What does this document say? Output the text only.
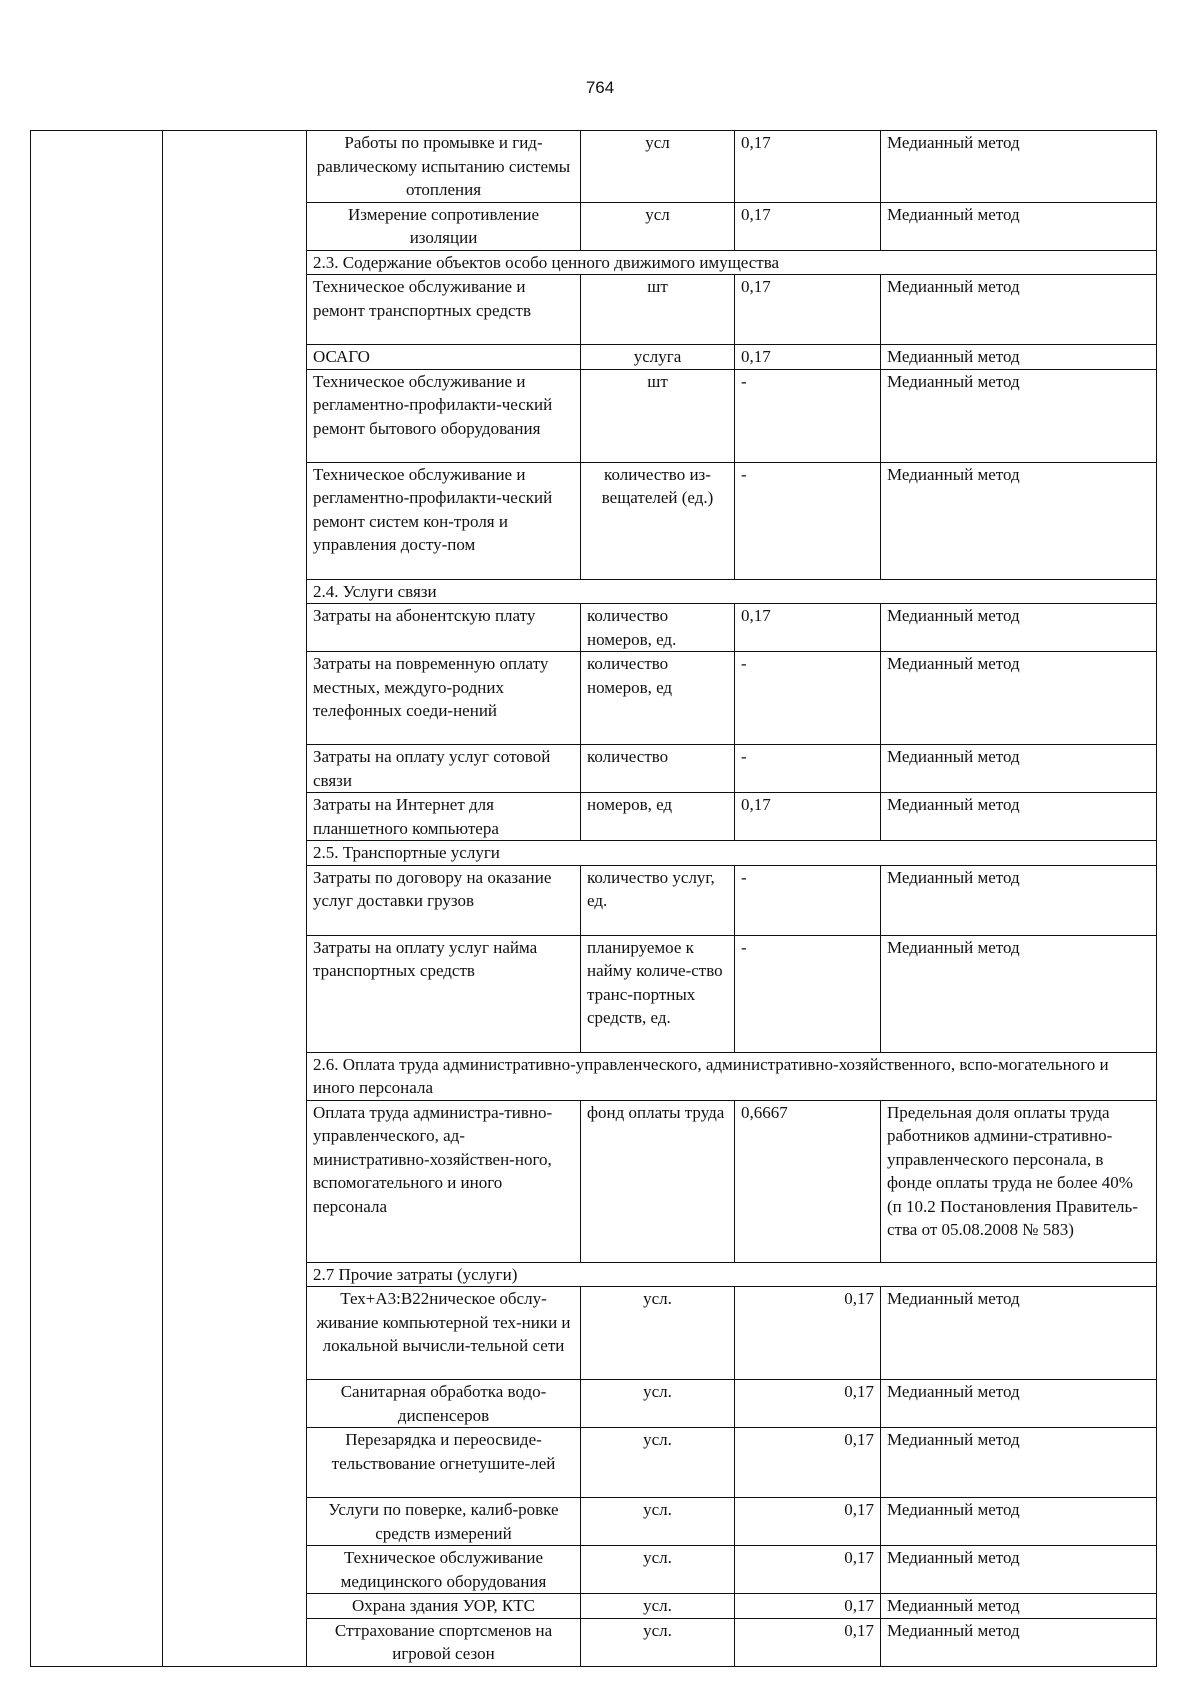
764
		Работы по промывке и гид-равлическому испытанию системы отопления	усл	0,17	Медианный метод
		Измерение сопротивление изоляции	усл	0,17	Медианный метод
		2.3. Содержание объектов особо ценного движимого имущества			
		Техническое обслуживание и ремонт транспортных средств	шт	0,17	Медианный метод
		ОСАГО	услуга	0,17	Медианный метод
		Техническое обслуживание и регламентно-профилакти-ческий ремонт бытового оборудования	шт	-	Медианный метод
		Техническое обслуживание и регламентно-профилакти-ческий ремонт систем кон-троля и управления досту-пом	количество из-вещателей (ед.)	-	Медианный метод
		2.4. Услуги связи			
		Затраты на абонентскую плату	количество номеров, ед.	0,17	Медианный метод
		Затраты на повременную оплату местных, междуго-родних телефонных соеди-нений	количество номеров, ед	-	Медианный метод
		Затраты на оплату услуг сотовой связи	количество	-	Медианный метод
		Затраты на Интернет для планшетного компьютера	номеров, ед	0,17	Медианный метод
		2.5. Транспортные услуги			
		Затраты по договору на оказание услуг доставки грузов	количество услуг, ед.	-	Медианный метод
		Затраты на оплату услуг найма транспортных средств	планируемое к найму количе-ство транс-портных средств, ед.	-	Медианный метод
		2.6. Оплата труда административно-управленческого, административно-хозяйственного, вспо-могательного и иного персонала			
		Оплата труда администра-тивно-управленческого, ад-министративно-хозяйствен-ного, вспомогательного и иного персонала	фонд оплаты труда	0,6667	Предельная доля оплаты труда работников админи-стративно-управленческого персонала, в фонде оплаты труда не более 40% (п 10.2 Постановления Правитель-ства от 05.08.2008 № 583)
		2.7 Прочие затраты (услуги)			
		Тех+А3:В22ническое обслу-живание компьютерной тех-ники и локальной вычисли-тельной сети	усл.	0,17	Медианный метод
		Санитарная обработка водо-диспенсеров	усл.	0,17	Медианный метод
		Перезарядка и переосвиде-тельствование огнетушите-лей	усл.	0,17	Медианный метод
		Услуги по поверке, калиб-ровке средств измерений	усл.	0,17	Медианный метод
		Техническое обслуживание медицинского оборудования	усл.	0,17	Медианный метод
		Охрана здания УОР, КТС	усл.	0,17	Медианный метод
		Сттрахование спортсменов на игровой сезон	усл.	0,17	Медианный метод
